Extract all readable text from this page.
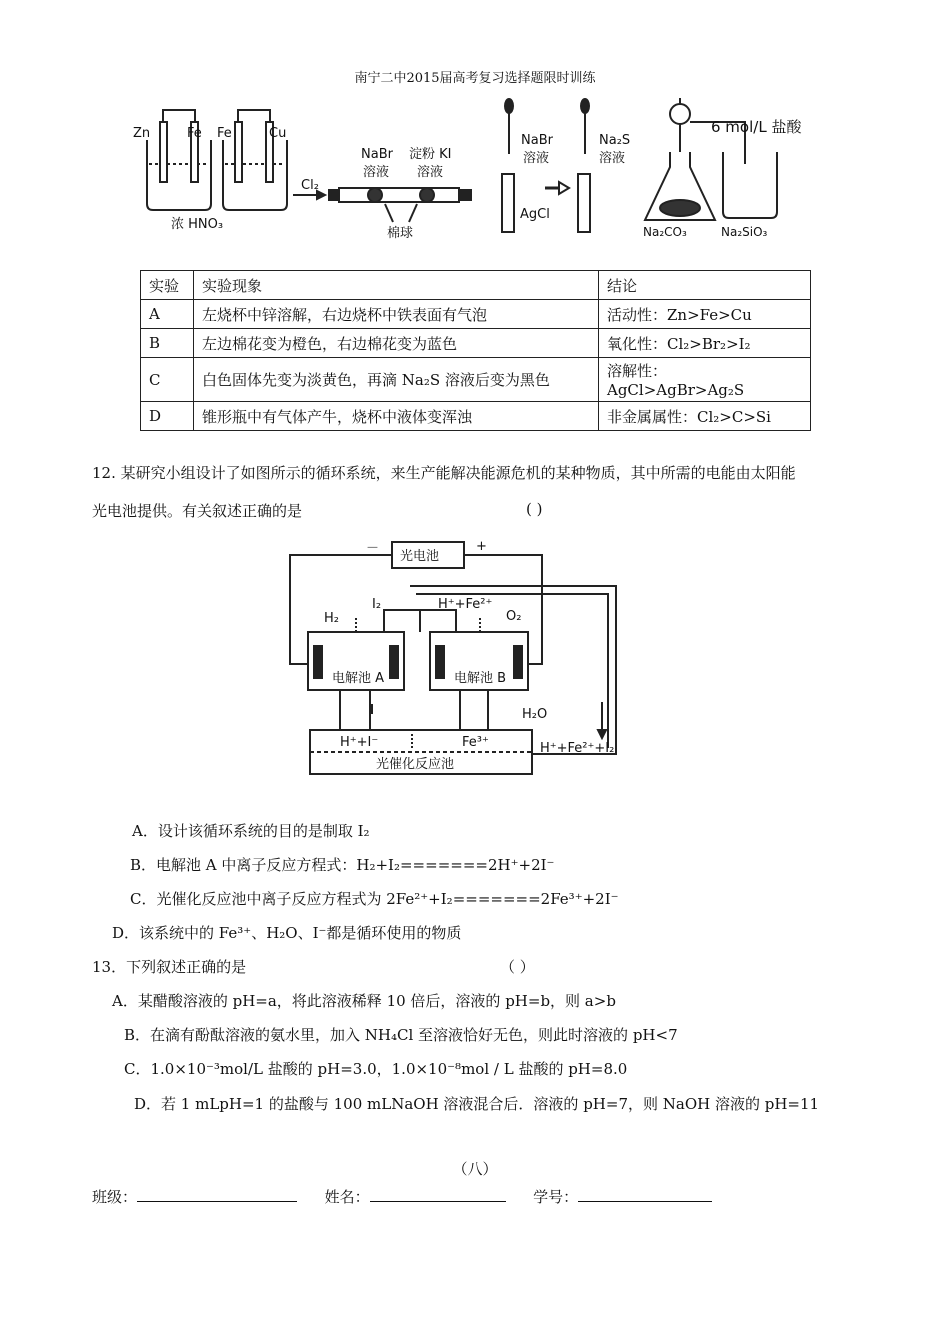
南宁二中2015届高考复习选择题限时训练
Zn	Fe Fe	Cu
浓 HNO₃
Cl₂
NaBr
溶液
淀粉 KI
溶液
棉球
NaBr
溶液
Na₂S
溶液
AgCl
6 mol/L 盐酸
Na₂CO₃	Na₂SiO₃
实验	实验现象	结论
A	左烧杯中锌溶解，右边烧杯中铁表面有气泡	活动性：Zn>Fe>Cu
B	左边棉花变为橙色，右边棉花变为蓝色	氧化性：Cl₂>Br₂>I₂
C	白色固体先变为淡黄色，再滴 Na₂S 溶液后变为黑色	溶解性：AgCl>AgBr>Ag₂S
D	锥形瓶中有气体产牛，烧杯中液体变浑浊	非金属属性：Cl₂>C>Si
12. 某研究小组设计了如图所示的循环系统，来生产能解决能源危机的某种物质，其中所需的电能由太阳能
光电池提供。有关叙述正确的是	( )
光电池
－	+
H₂
I₂	H⁺+Fe²⁺
O₂
电解池 A	电解池 B
H₂O
H⁺+I⁻	Fe³⁺	H⁺+Fe²⁺+I₂
光催化反应池
A．设计该循环系统的目的是制取 I₂
B．电解池 A 中离子反应方程式：H₂+I₂=======2H⁺+2I⁻
C．光催化反应池中离子反应方程式为 2Fe²⁺+I₂=======2Fe³⁺+2I⁻
D．该系统中的 Fe³⁺、H₂O、I⁻都是循环使用的物质
13．下列叙述正确的是	（ ）
A．某醋酸溶液的 pH=a，将此溶液稀释 10 倍后，溶液的 pH=b，则 a>b
B．在滴有酚酞溶液的氨水里，加入 NH₄Cl 至溶液恰好无色，则此时溶液的 pH<7
C．1.0×10⁻³mol/L 盐酸的 pH=3.0，1.0×10⁻⁸mol / L 盐酸的 pH=8.0
D．若 1 mLpH=1 的盐酸与 100 mLNaOH 溶液混合后．溶液的 pH=7，则 NaOH 溶液的 pH=11
（八）
班级：	姓名：	学号：
